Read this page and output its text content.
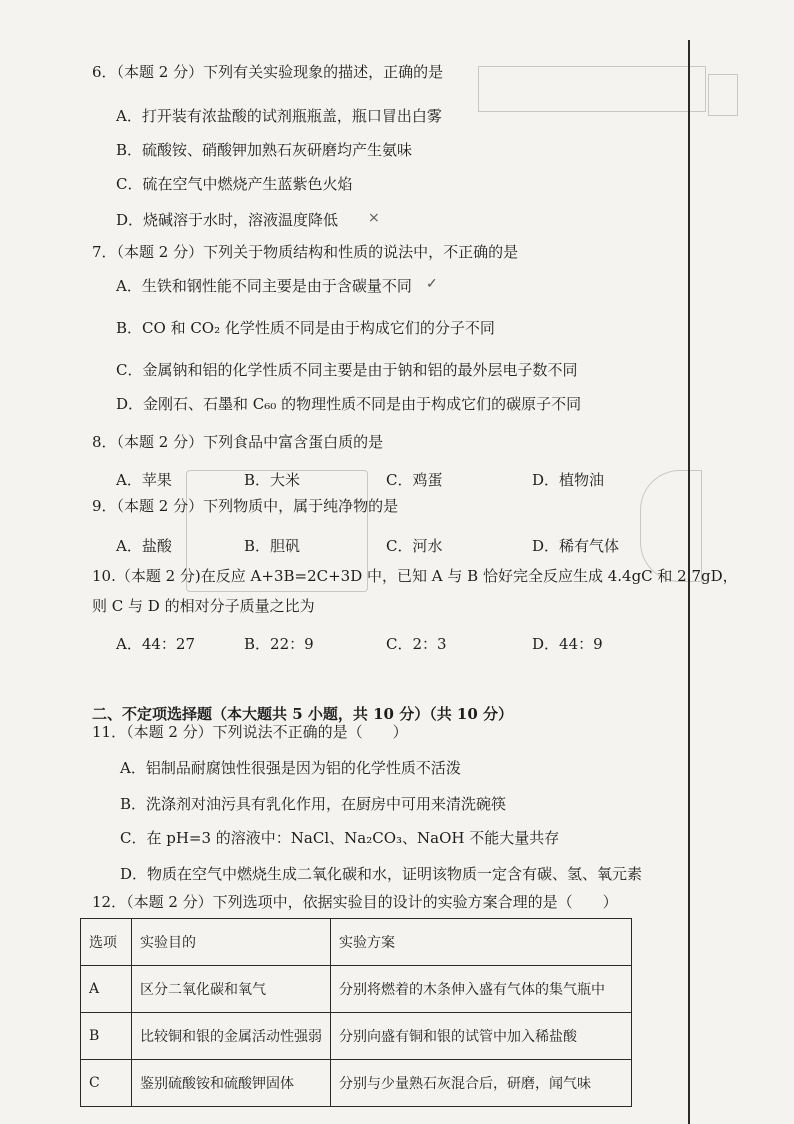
6．（本题 2 分）下列有关实验现象的描述，正确的是
A．打开装有浓盐酸的试剂瓶瓶盖，瓶口冒出白雾
B．硫酸铵、硝酸钾加熟石灰研磨均产生氨味
C．硫在空气中燃烧产生蓝紫色火焰
D．烧碱溶于水时，溶液温度降低 ×
7．（本题 2 分）下列关于物质结构和性质的说法中，不正确的是
A．生铁和钢性能不同主要是由于含碳量不同 ✓
B．CO 和 CO₂ 化学性质不同是由于构成它们的分子不同
C．金属钠和铝的化学性质不同主要是由于钠和铝的最外层电子数不同
D．金刚石、石墨和 C₆₀ 的物理性质不同是由于构成它们的碳原子不同
8．（本题 2 分）下列食品中富含蛋白质的是
A．苹果	B．大米	C．鸡蛋	D．植物油
9．（本题 2 分）下列物质中，属于纯净物的是
A．盐酸	B．胆矾	C．河水	D．稀有气体
10.（本题 2 分)在反应 A+3B=2C+3D 中，已知 A 与 B 恰好完全反应生成 4.4gC 和 2.7gD，
则 C 与 D 的相对分子质量之比为
A．44：27	B．22：9	C．2：3	D．44：9
二、不定项选择题（本大题共 5 小题，共 10 分）（共 10 分）
11．（本题 2 分）下列说法不正确的是（　　）
A．铝制品耐腐蚀性很强是因为铝的化学性质不活泼
B．洗涤剂对油污具有乳化作用，在厨房中可用来清洗碗筷
C．在 pH=3 的溶液中：NaCl、Na₂CO₃、NaOH 不能大量共存
D．物质在空气中燃烧生成二氧化碳和水，证明该物质一定含有碳、氢、氧元素
12．（本题 2 分）下列选项中，依据实验目的设计的实验方案合理的是（　　）
选项	实验目的	实验方案
A	区分二氧化碳和氧气	分别将燃着的木条伸入盛有气体的集气瓶中
B	比较铜和银的金属活动性强弱	分别向盛有铜和银的试管中加入稀盐酸
C	鉴别硫酸铵和硫酸钾固体	分别与少量熟石灰混合后，研磨，闻气味
